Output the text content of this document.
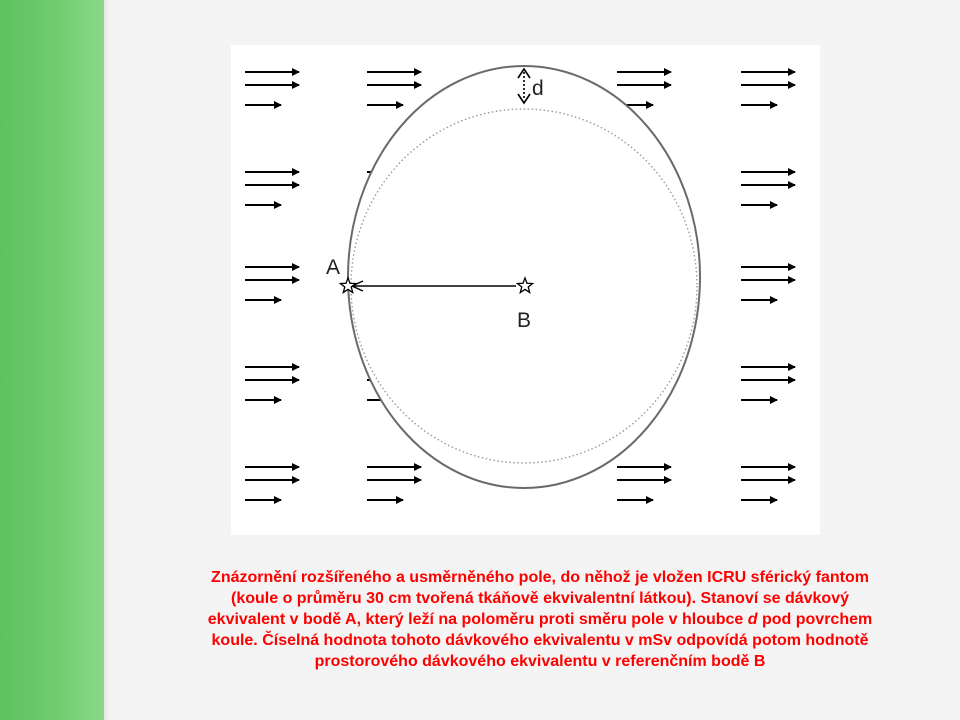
d
A
B
Znázornění rozšířeného a usměrněného pole, do něhož je vložen ICRU sférický fantom
(koule o průměru 30 cm tvořená tkáňově ekvivalentní látkou). Stanoví se dávkový
ekvivalent v bodě A, který leží na poloměru proti směru pole v hloubce d pod povrchem
koule. Číselná hodnota tohoto dávkového ekvivalentu v mSv odpovídá potom hodnotě
prostorového dávkového ekvivalentu v referenčním bodě B
